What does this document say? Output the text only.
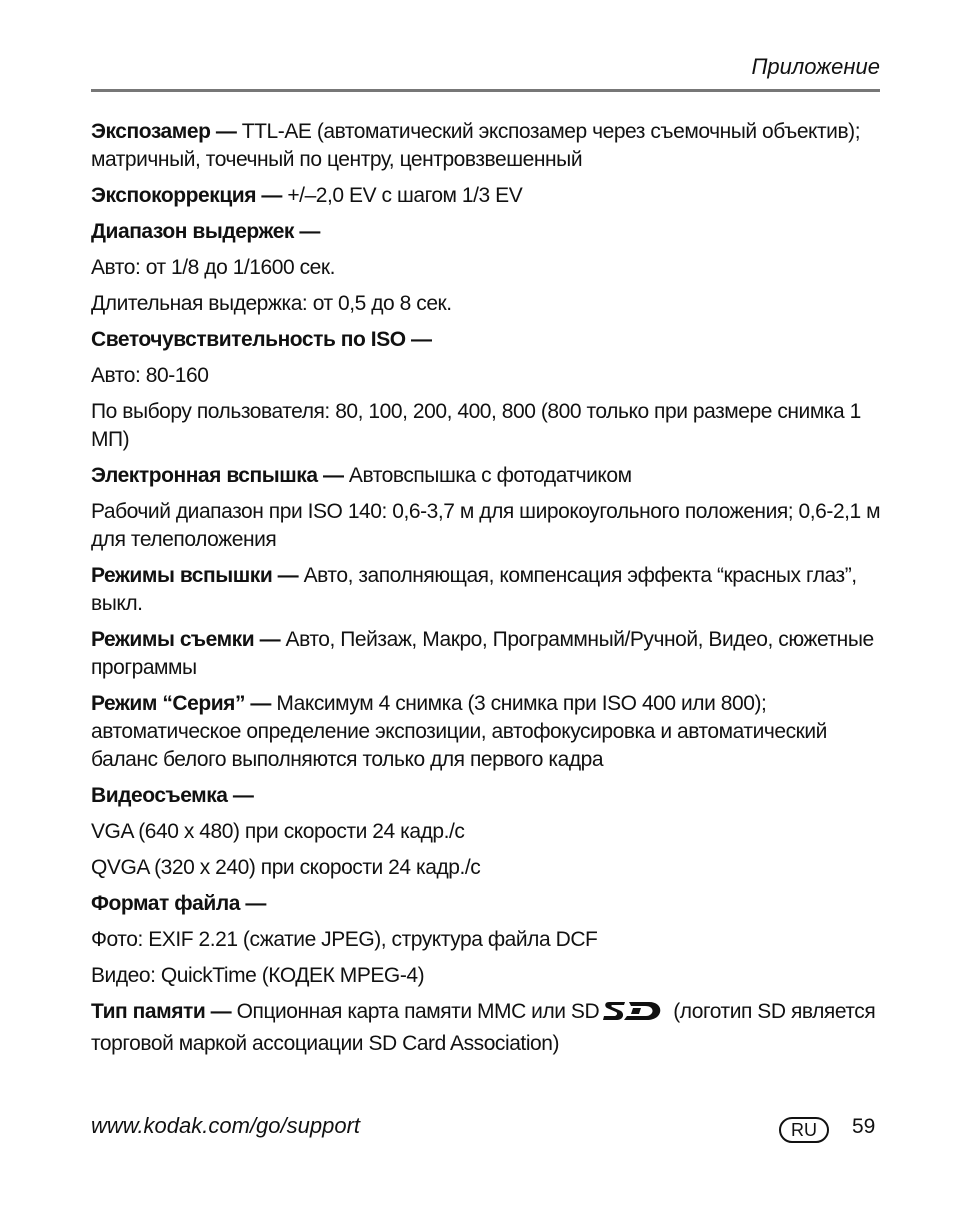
Приложение

Экспозамер — TTL-AE (автоматический экспозамер через съемочный объектив); матричный, точечный по центру, центровзвешенный

Экспокоррекция — +/–2,0 EV с шагом 1/3 EV

Диапазон выдержек —

Авто: от 1/8 до 1/1600 сек.

Длительная выдержка: от 0,5 до 8 сек.

Светочувствительность по ISO —

Авто: 80-160

По выбору пользователя: 80, 100, 200, 400, 800 (800 только при размере снимка 1 МП)

Электронная вспышка — Автовспышка с фотодатчиком

Рабочий диапазон при ISO 140: 0,6-3,7 м для широкоугольного положения; 0,6-2,1 м для телеположения

Режимы вспышки — Авто, заполняющая, компенсация эффекта “красных глаз”, выкл.

Режимы съемки — Авто, Пейзаж, Макро, Программный/Ручной, Видео, сюжетные программы

Режим “Серия” — Максимум 4 снимка (3 снимка при ISO 400 или 800); автоматическое определение экспозиции, автофокусировка и автоматический баланс белого выполняются только для первого кадра

Видеосъемка —

VGA (640 x 480) при скорости 24 кадр./с

QVGA (320 x 240) при скорости 24 кадр./с

Формат файла —

Фото: EXIF 2.21 (сжатие JPEG), структура файла DCF

Видео: QuickTime (КОДЕК MPEG-4)

Тип памяти — Опционная карта памяти MMC или SD	(логотип SD является торговой маркой ассоциации SD Card Association)

www.kodak.com/go/support	RU	59
